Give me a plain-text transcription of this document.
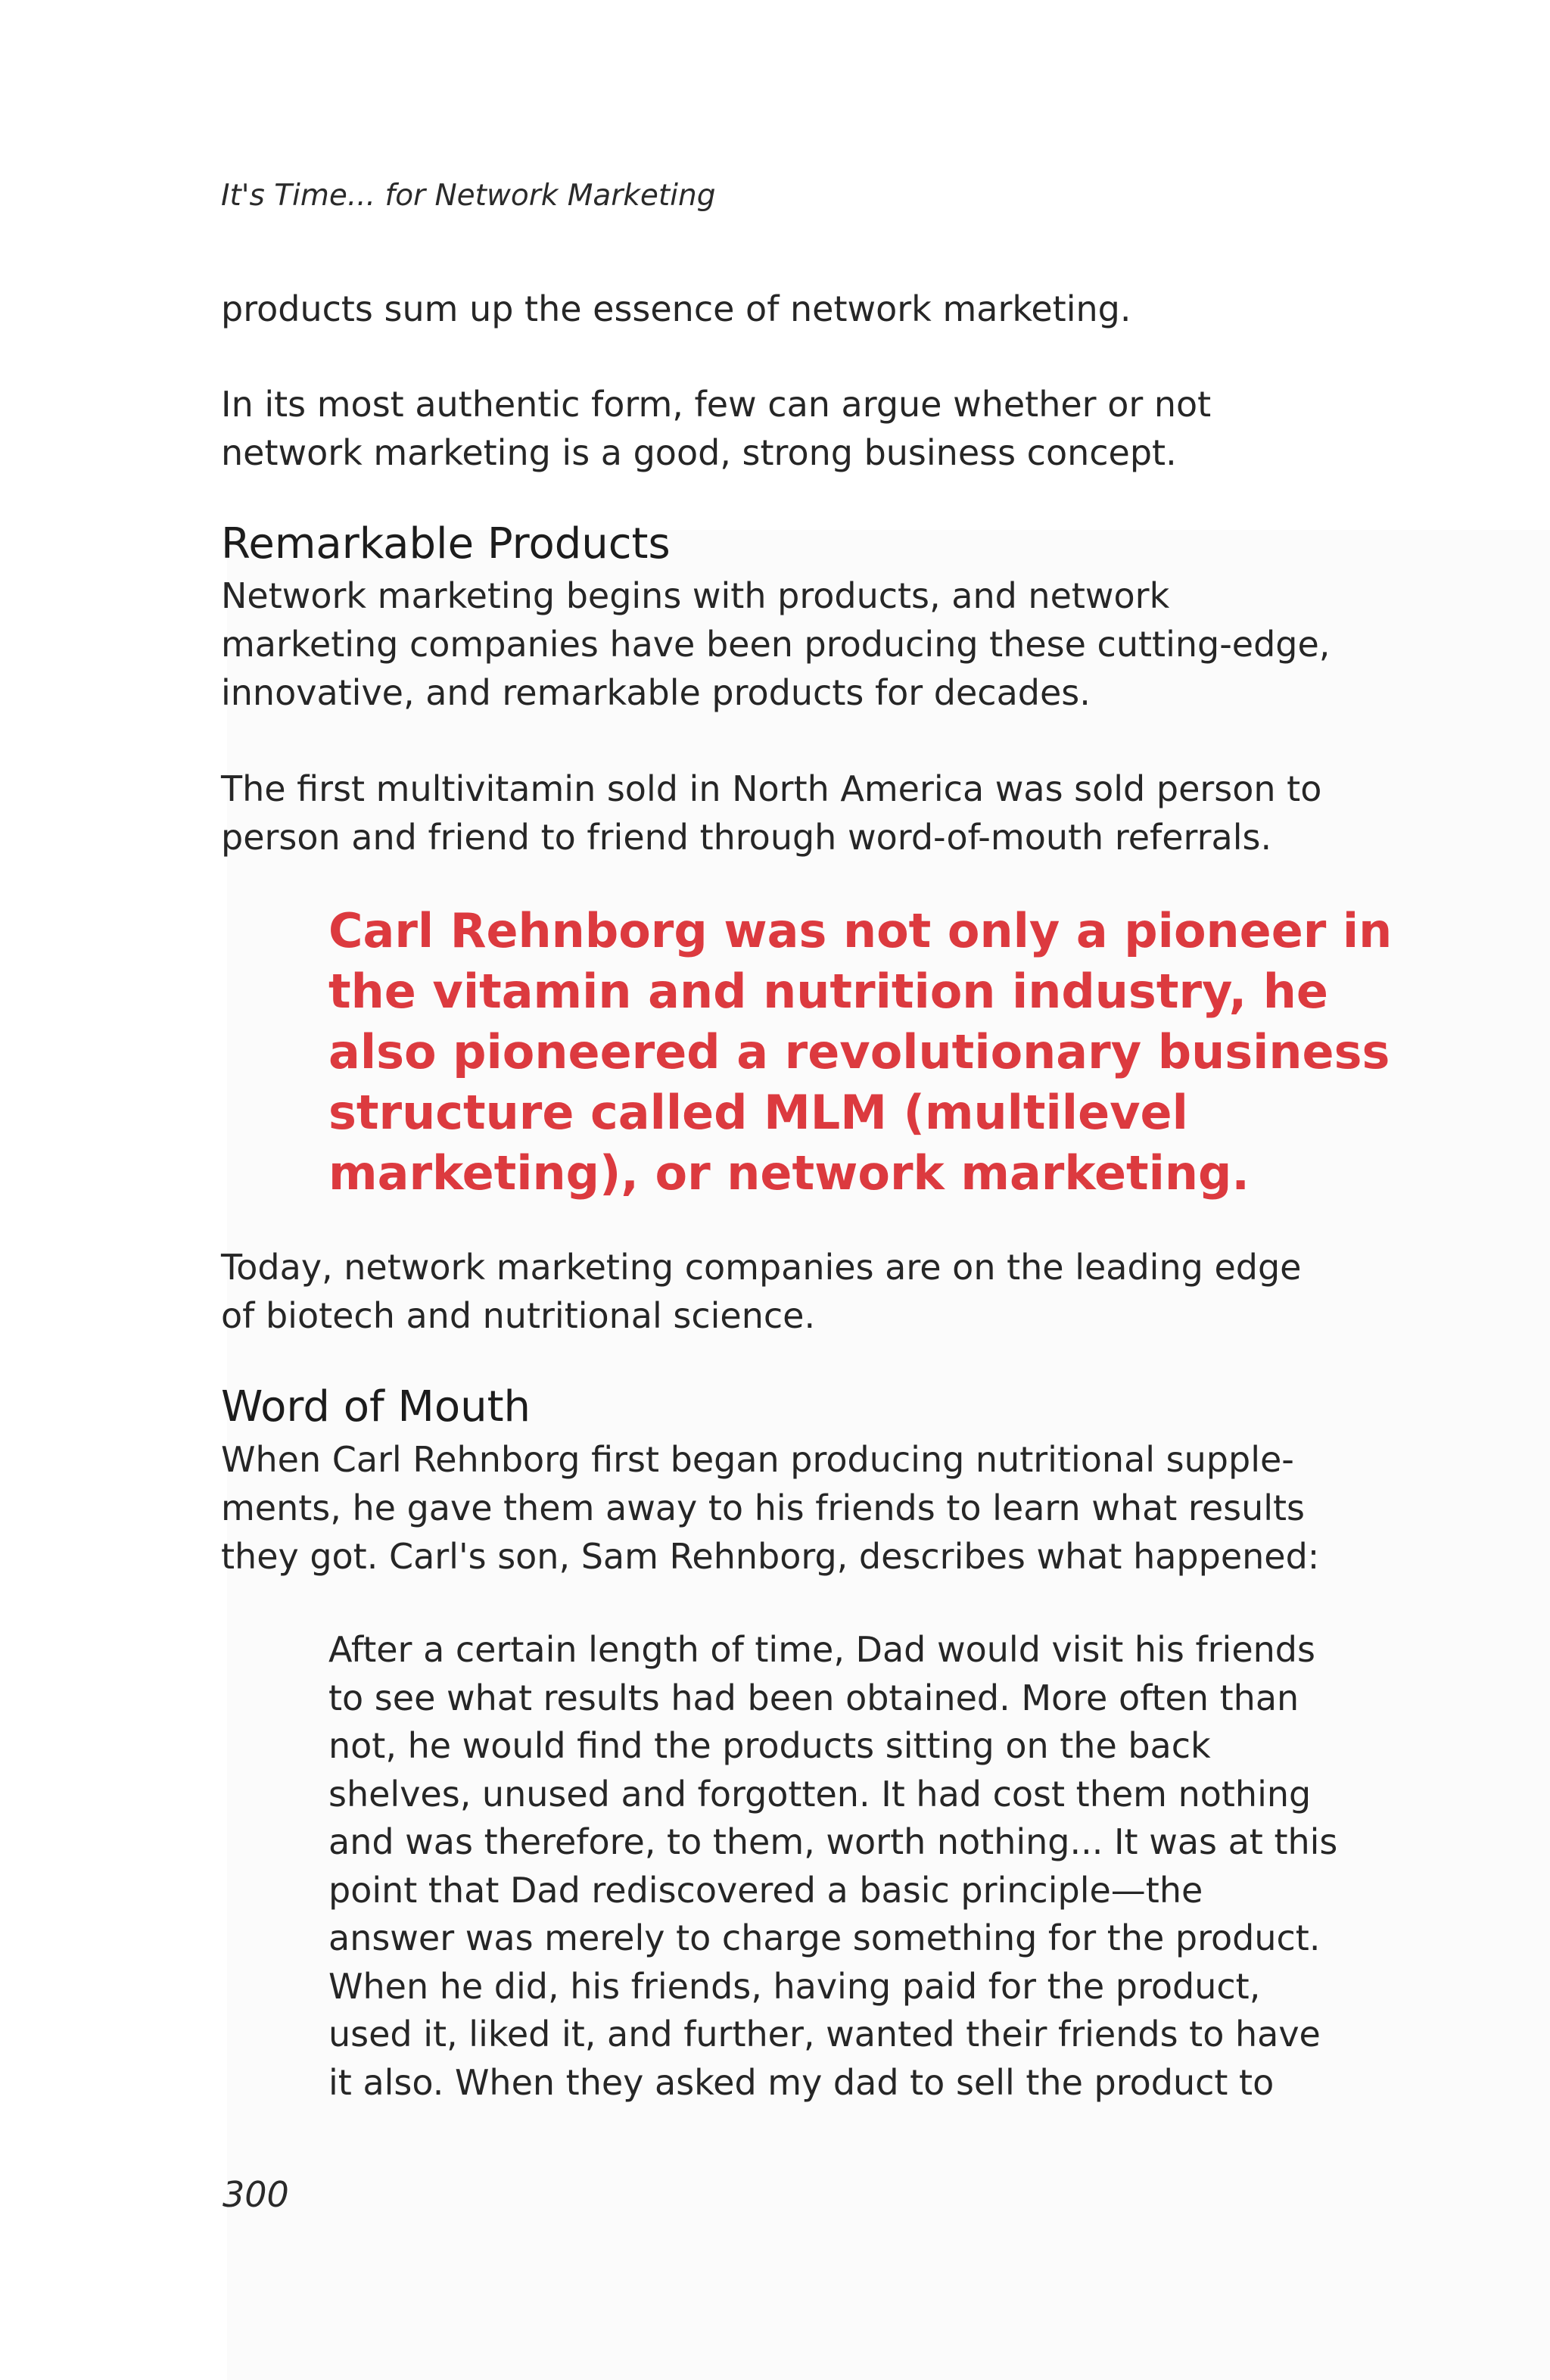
It's Time... for Network Marketing

products sum up the essence of network marketing.

In its most authentic form, few can argue whether or not
network marketing is a good, strong business concept.

Remarkable Products

Network marketing begins with products, and network
marketing companies have been producing these cutting-edge,
innovative, and remarkable products for decades.

The first multivitamin sold in North America was sold person to
person and friend to friend through word-of-mouth referrals.

Carl Rehnborg was not only a pioneer in
the vitamin and nutrition industry, he
also pioneered a revolutionary business
structure called MLM (multilevel
marketing), or network marketing.

Today, network marketing companies are on the leading edge
of biotech and nutritional science.

Word of Mouth

When Carl Rehnborg first began producing nutritional supple-
ments, he gave them away to his friends to learn what results
they got. Carl's son, Sam Rehnborg, describes what happened:

After a certain length of time, Dad would visit his friends
to see what results had been obtained. More often than
not, he would find the products sitting on the back
shelves, unused and forgotten. It had cost them nothing
and was therefore, to them, worth nothing... It was at this
point that Dad rediscovered a basic principle—the
answer was merely to charge something for the product.
When he did, his friends, having paid for the product,
used it, liked it, and further, wanted their friends to have
it also. When they asked my dad to sell the product to
300
